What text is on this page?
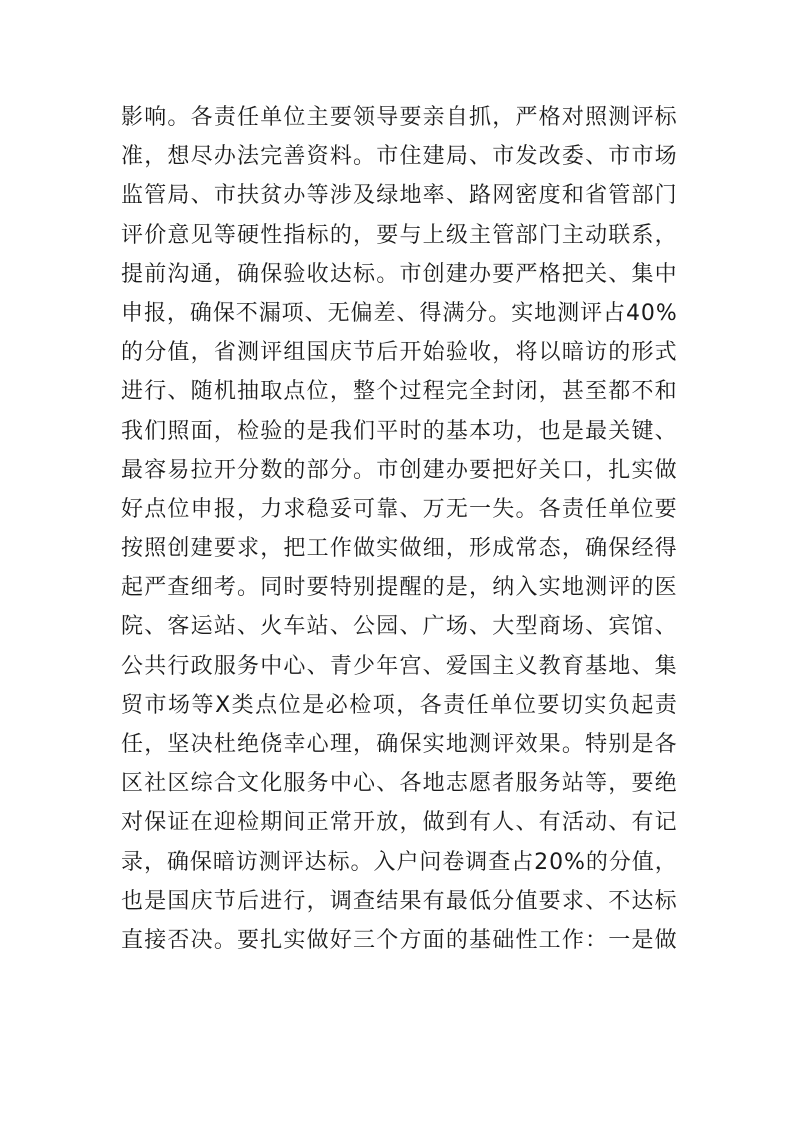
影 响 。 各 责 任 单 位 主 要 领 导 要 亲 自 抓 ， 严 格 对 照 测 评 标
准 ， 想 尽 办 法 完 善 资 料 。 市 住 建 局 、 市 发 改 委 、 市 市 场
监 管 局 、 市 扶 贫 办 等 涉 及 绿 地 率 、 路 网 密 度 和 省 管 部 门
评 价 意 见 等 硬 性 指 标 的 ， 要 与 上 级 主 管 部 门 主 动 联 系 ，
提 前 沟 通 ， 确 保 验 收 达 标 。 市 创 建 办 要 严 格 把 关 、 集 中
申 报 ， 确 保 不 漏 项 、 无 偏 差 、 得 满 分 。 实 地 测 评 占 4 0 %
的 分 值 ， 省 测 评 组 国 庆 节 后 开 始 验 收 ， 将 以 暗 访 的 形 式
进 行 、 随 机 抽 取 点 位 ， 整 个 过 程 完 全 封 闭 ， 甚 至 都 不 和
我 们 照 面 ， 检 验 的 是 我 们 平 时 的 基 本 功 ， 也 是 最 关 键 、
最 容 易 拉 开 分 数 的 部 分 。 市 创 建 办 要 把 好 关 口 ， 扎 实 做
好 点 位 申 报 ， 力 求 稳 妥 可 靠 、 万 无 一 失 。 各 责 任 单 位 要
按 照 创 建 要 求 ， 把 工 作 做 实 做 细 ， 形 成 常 态 ， 确 保 经 得
起 严 查 细 考 。 同 时 要 特 别 提 醒 的 是 ， 纳 入 实 地 测 评 的 医
院 、 客 运 站 、 火 车 站 、 公 园 、 广 场 、 大 型 商 场 、 宾 馆 、
公 共 行 政 服 务 中 心 、 青 少 年 宫 、 爱 国 主 义 教 育 基 地 、 集
贸 市 场 等 X 类 点 位 是 必 检 项 ， 各 责 任 单 位 要 切 实 负 起 责
任 ， 坚 决 杜 绝 侥 幸 心 理 ， 确 保 实 地 测 评 效 果 。 特 别 是 各
区 社 区 综 合 文 化 服 务 中 心 、 各 地 志 愿 者 服 务 站 等 ， 要 绝
对 保 证 在 迎 检 期 间 正 常 开 放 ， 做 到 有 人 、 有 活 动 、 有 记
录 ， 确 保 暗 访 测 评 达 标 。 入 户 问 卷 调 查 占 2 0 % 的 分 值 ，
也 是 国 庆 节 后 进 行 ， 调 查 结 果 有 最 低 分 值 要 求 、 不 达 标
直 接 否 决 。 要 扎 实 做 好 三 个 方 面 的 基 础 性 工 作 ： 一 是 做
